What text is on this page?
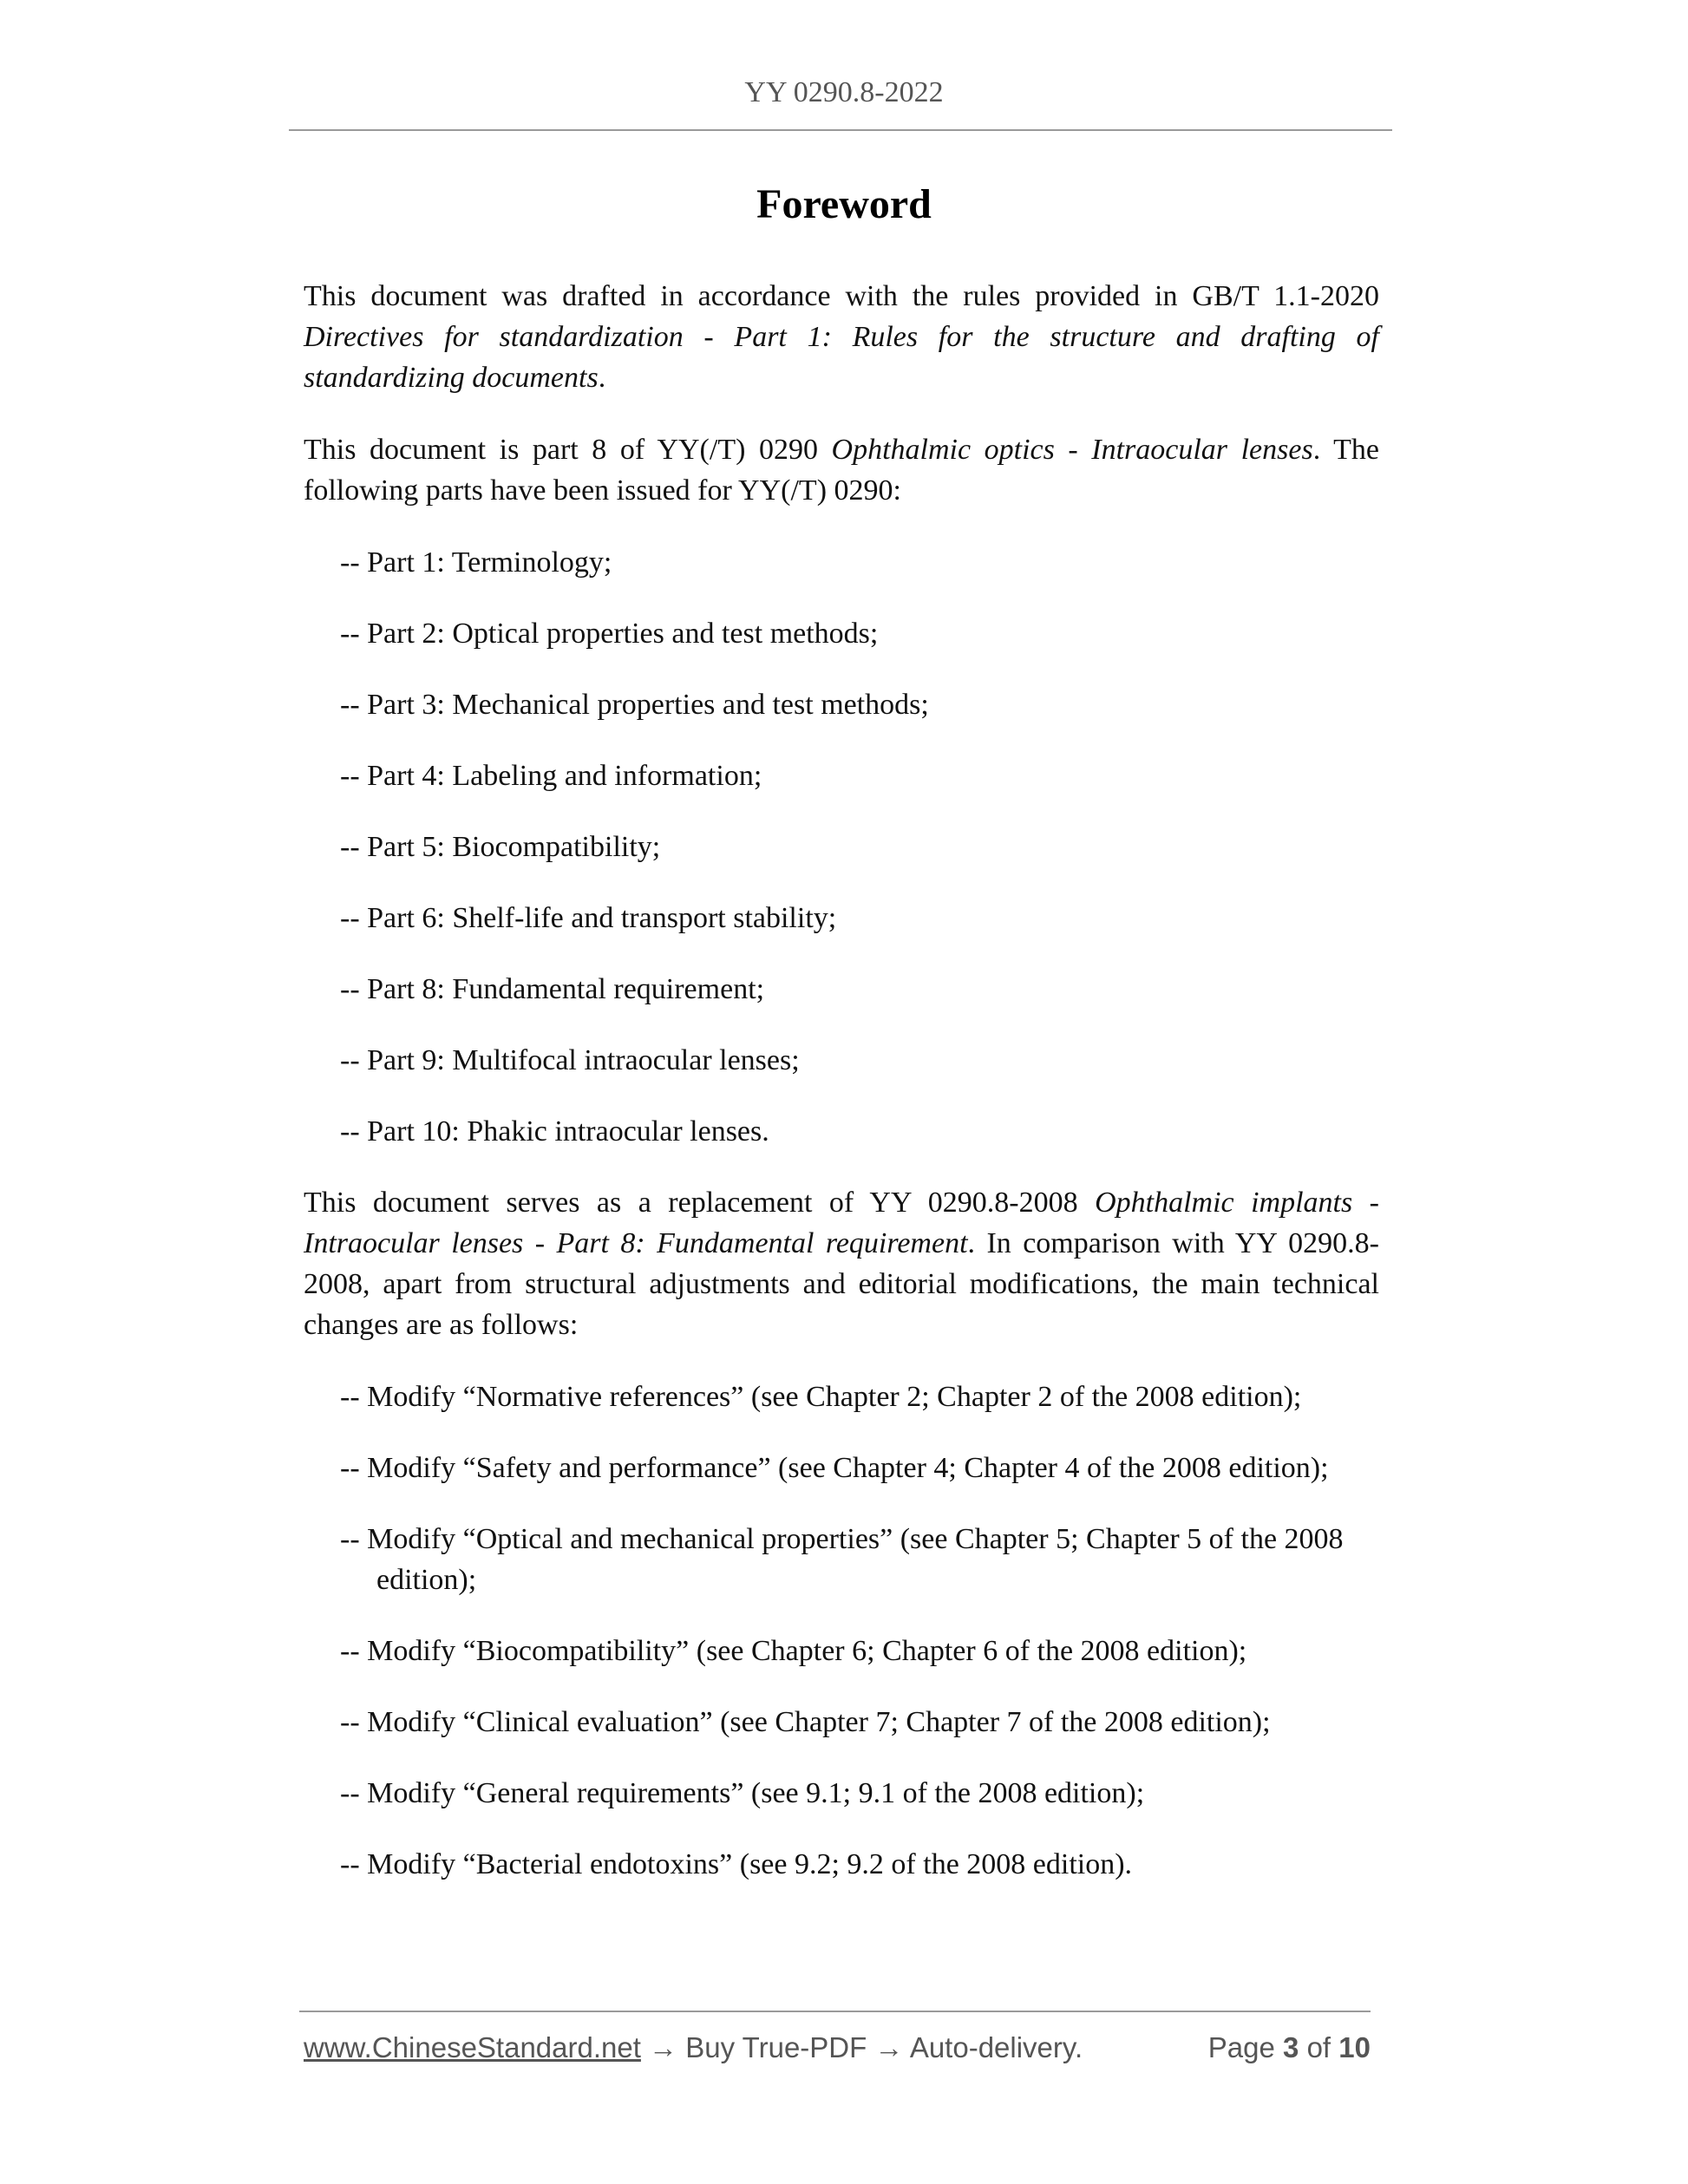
YY 0290.8-2022
Foreword

This document was drafted in accordance with the rules provided in GB/T 1.1-2020 Directives for standardization - Part 1: Rules for the structure and drafting of standardizing documents.

This document is part 8 of YY(/T) 0290 Ophthalmic optics - Intraocular lenses. The following parts have been issued for YY(/T) 0290:

-- Part 1: Terminology;
-- Part 2: Optical properties and test methods;
-- Part 3: Mechanical properties and test methods;
-- Part 4: Labeling and information;
-- Part 5: Biocompatibility;
-- Part 6: Shelf-life and transport stability;
-- Part 8: Fundamental requirement;
-- Part 9: Multifocal intraocular lenses;
-- Part 10: Phakic intraocular lenses.

This document serves as a replacement of YY 0290.8-2008 Ophthalmic implants - Intraocular lenses - Part 8: Fundamental requirement. In comparison with YY 0290.8-2008, apart from structural adjustments and editorial modifications, the main technical changes are as follows:

-- Modify “Normative references” (see Chapter 2; Chapter 2 of the 2008 edition);
-- Modify “Safety and performance” (see Chapter 4; Chapter 4 of the 2008 edition);
-- Modify “Optical and mechanical properties” (see Chapter 5; Chapter 5 of the 2008 edition);
-- Modify “Biocompatibility” (see Chapter 6; Chapter 6 of the 2008 edition);
-- Modify “Clinical evaluation” (see Chapter 7; Chapter 7 of the 2008 edition);
-- Modify “General requirements” (see 9.1; 9.1 of the 2008 edition);
-- Modify “Bacterial endotoxins” (see 9.2; 9.2 of the 2008 edition).
www.ChineseStandard.net → Buy True-PDF → Auto-delivery.	Page 3 of 10
